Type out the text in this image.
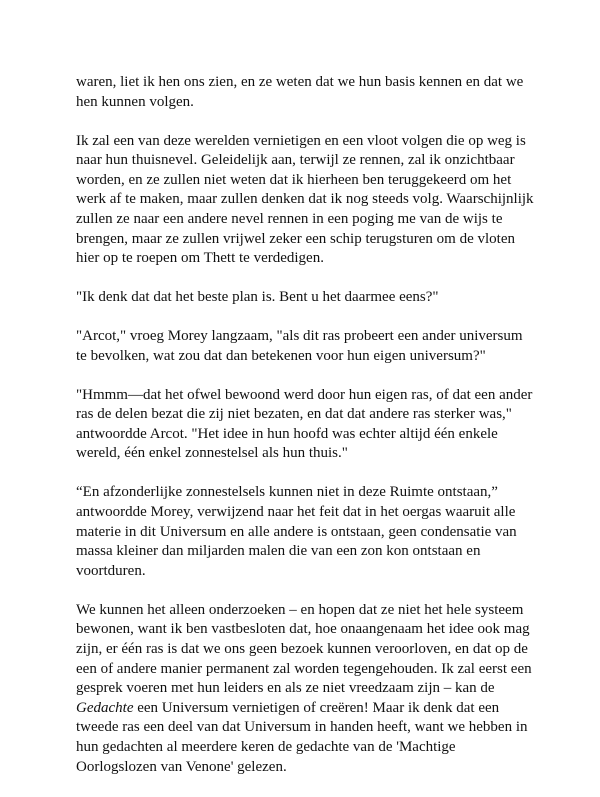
waren, liet ik hen ons zien, en ze weten dat we hun basis kennen en dat we
hen kunnen volgen.

Ik zal een van deze werelden vernietigen en een vloot volgen die op weg is
naar hun thuisnevel. Geleidelijk aan, terwijl ze rennen, zal ik onzichtbaar
worden, en ze zullen niet weten dat ik hierheen ben teruggekeerd om het
werk af te maken, maar zullen denken dat ik nog steeds volg. Waarschijnlijk
zullen ze naar een andere nevel rennen in een poging me van de wijs te
brengen, maar ze zullen vrijwel zeker een schip terugsturen om de vloten
hier op te roepen om Thett te verdedigen.

"Ik denk dat dat het beste plan is. Bent u het daarmee eens?"

"Arcot," vroeg Morey langzaam, "als dit ras probeert een ander universum
te bevolken, wat zou dat dan betekenen voor hun eigen universum?"

"Hmmm—dat het ofwel bewoond werd door hun eigen ras, of dat een ander
ras de delen bezat die zij niet bezaten, en dat dat andere ras sterker was,"
antwoordde Arcot. "Het idee in hun hoofd was echter altijd één enkele
wereld, één enkel zonnestelsel als hun thuis."

“En afzonderlijke zonnestelsels kunnen niet in deze Ruimte ontstaan,”
antwoordde Morey, verwijzend naar het feit dat in het oergas waaruit alle
materie in dit Universum en alle andere is ontstaan, geen condensatie van
massa kleiner dan miljarden malen die van een zon kon ontstaan en
voortduren.

We kunnen het alleen onderzoeken – en hopen dat ze niet het hele systeem
bewonen, want ik ben vastbesloten dat, hoe onaangenaam het idee ook mag
zijn, er één ras is dat we ons geen bezoek kunnen veroorloven, en dat op de
een of andere manier permanent zal worden tegengehouden. Ik zal eerst een
gesprek voeren met hun leiders en als ze niet vreedzaam zijn – kan de
Gedachte een Universum vernietigen of creëren! Maar ik denk dat een
tweede ras een deel van dat Universum in handen heeft, want we hebben in
hun gedachten al meerdere keren de gedachte van de 'Machtige
Oorlogslozen van Venone' gelezen.
